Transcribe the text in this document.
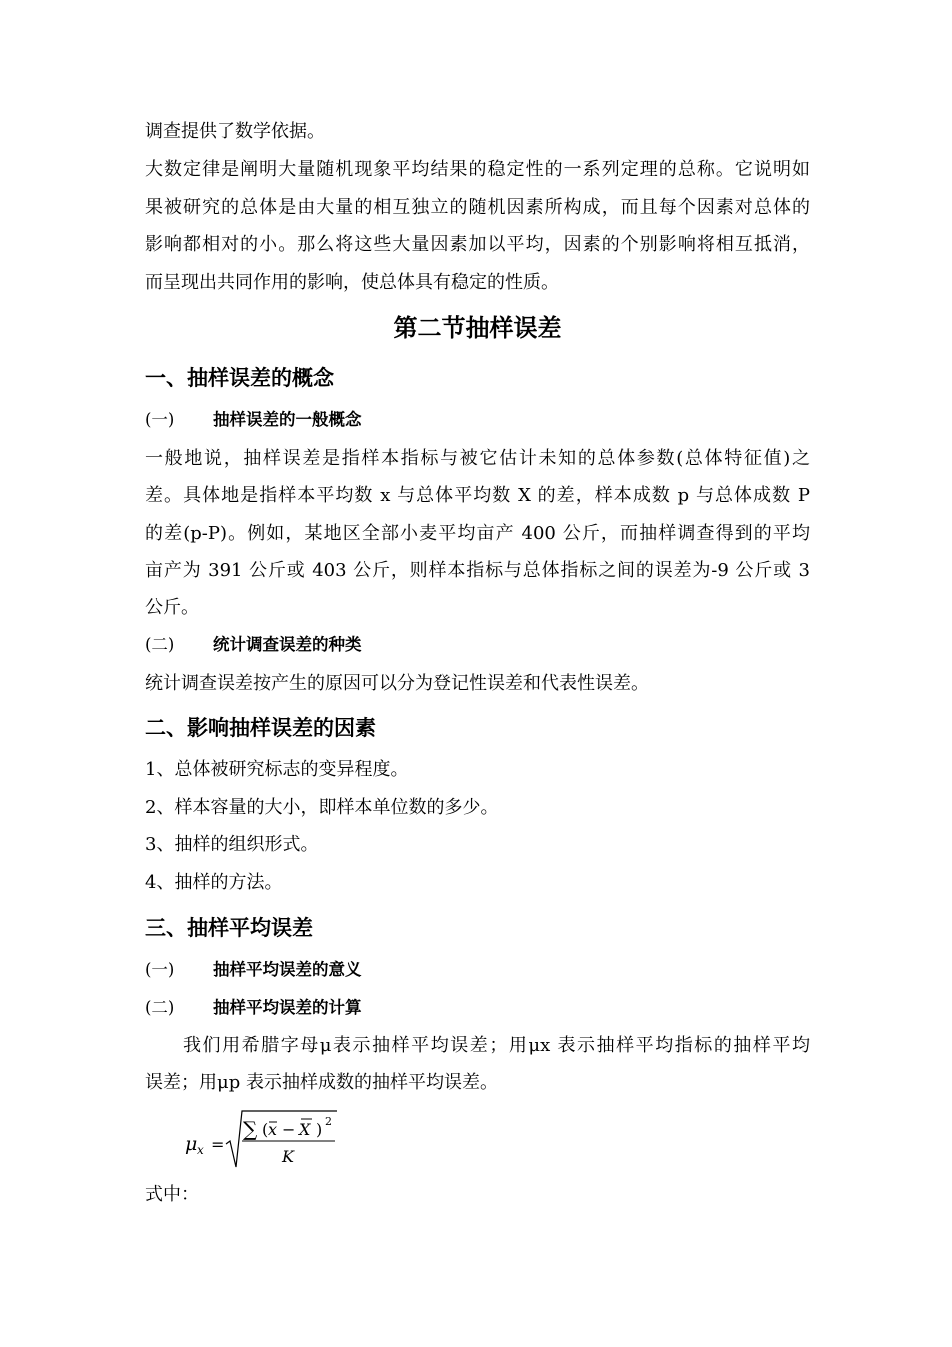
调查提供了数学依据。
大数定律是阐明大量随机现象平均结果的稳定性的一系列定理的总称。它说明如
果被研究的总体是由大量的相互独立的随机因素所构成，而且每个因素对总体的
影响都相对的小。那么将这些大量因素加以平均，因素的个别影响将相互抵消，
而呈现出共同作用的影响，使总体具有稳定的性质。
第二节抽样误差
一、抽样误差的概念
(一) 抽样误差的一般概念
一般地说，抽样误差是指样本指标与被它估计未知的总体参数(总体特征值)之
差。具体地是指样本平均数 x 与总体平均数 X 的差，样本成数 p 与总体成数 P
的差(p-P)。例如，某地区全部小麦平均亩产 400 公斤，而抽样调查得到的平均
亩产为 391 公斤或 403 公斤，则样本指标与总体指标之间的误差为-9 公斤或 3
公斤。
(二) 统计调查误差的种类
统计调查误差按产生的原因可以分为登记性误差和代表性误差。
二、影响抽样误差的因素
1、总体被研究标志的变异程度。
2、样本容量的大小，即样本单位数的多少。
3、抽样的组织形式。
4、抽样的方法。
三、抽样平均误差
(一) 抽样平均误差的意义
(二) 抽样平均误差的计算
我们用希腊字母μ表示抽样平均误差；用μx 表示抽样平均指标的抽样平均
误差；用μp 表示抽样成数的抽样平均误差。
μ x =
∑ ( x − X ) 2
K
式中：
